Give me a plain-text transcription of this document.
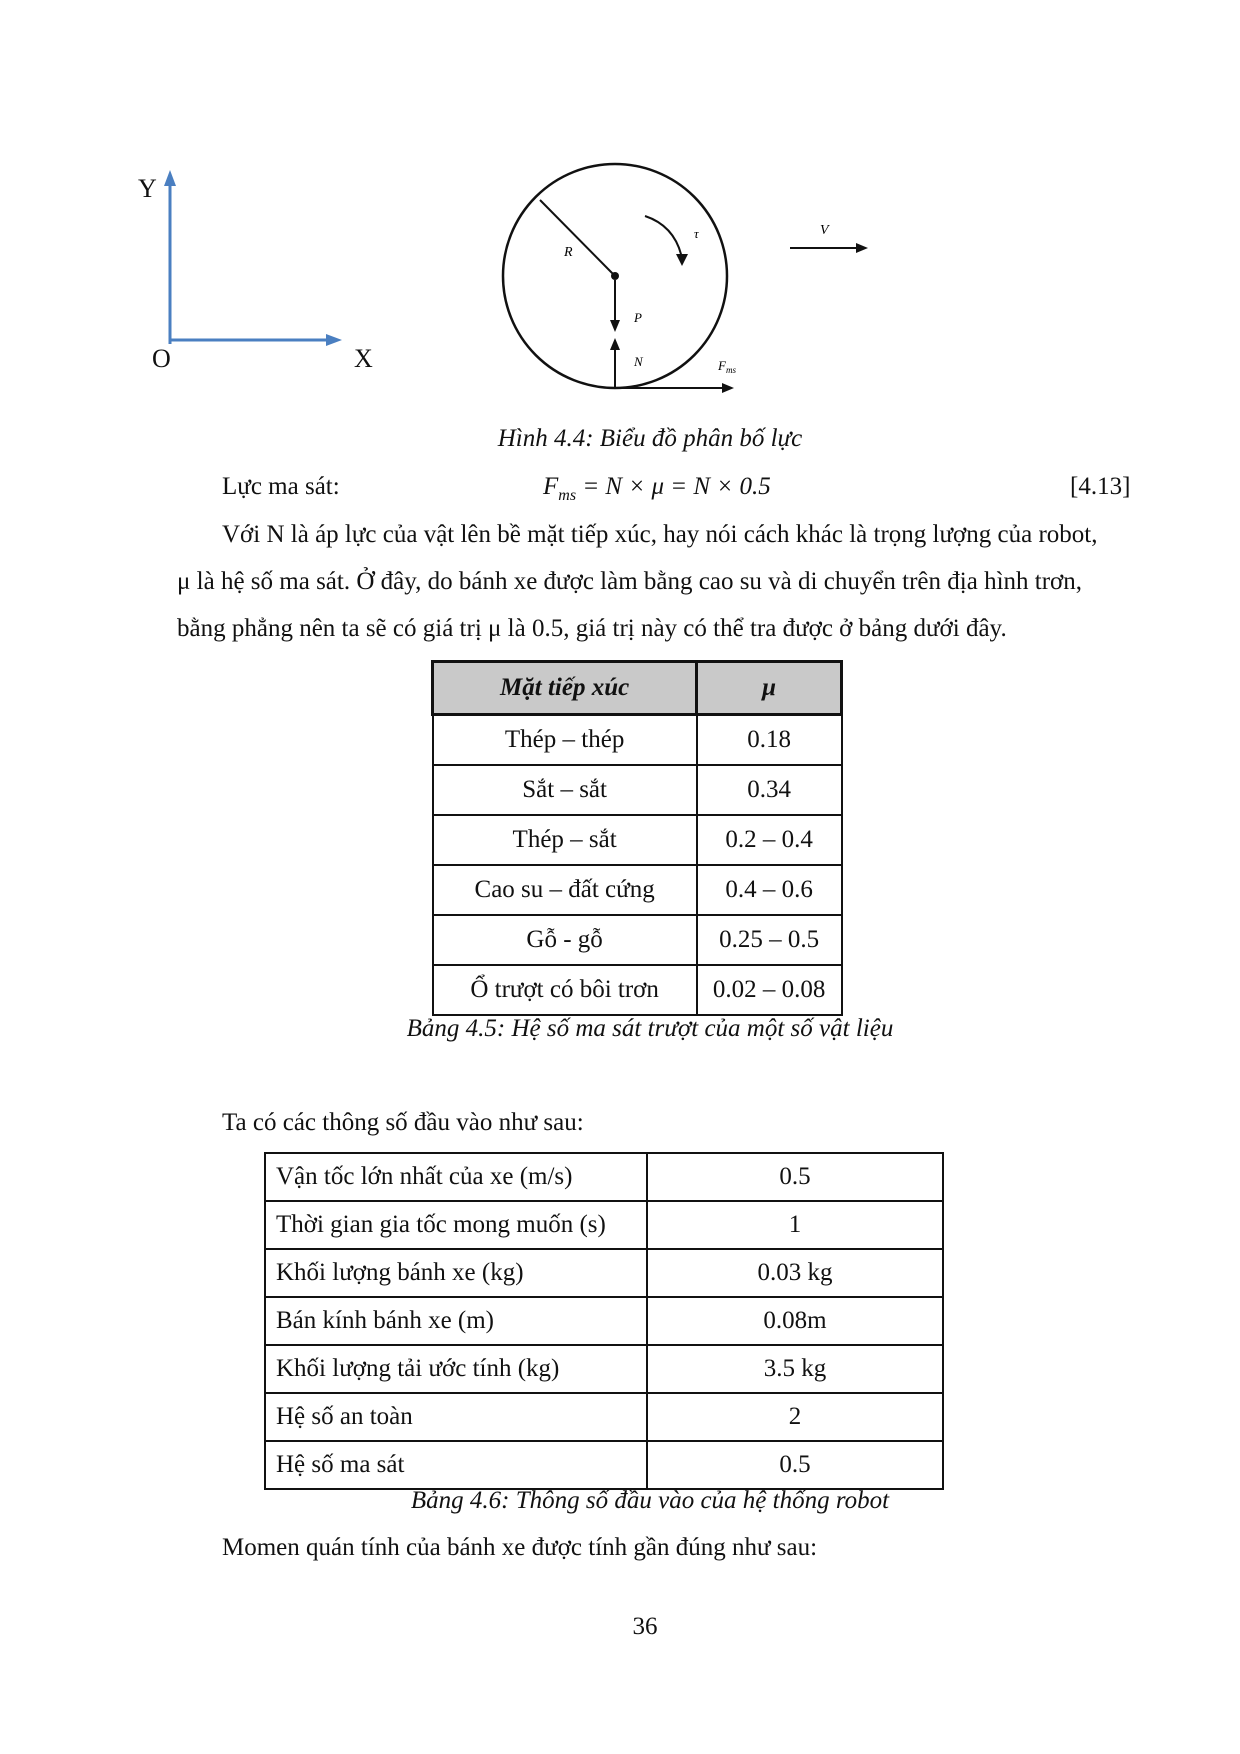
Y
O	X
R
τ
P
N	$F_{ms}$
V
Hình 4.4: Biểu đồ phân bố lực
Lực ma sát:	$F_{ms} = N \times \mu = N \times 0.5$	[4.13]
Với N là áp lực của vật lên bề mặt tiếp xúc, hay nói cách khác là trọng lượng của robot,
μ là hệ số ma sát. Ở đây, do bánh xe được làm bằng cao su và di chuyển trên địa hình trơn,
bằng phẳng nên ta sẽ có giá trị μ là 0.5, giá trị này có thể tra được ở bảng dưới đây.
Mặt tiếp xúc	μ
Thép – thép	0.18
Sắt – sắt	0.34
Thép – sắt	0.2 – 0.4
Cao su – đất cứng	0.4 – 0.6
Gỗ - gỗ	0.25 – 0.5
Ổ trượt có bôi trơn	0.02 – 0.08
Bảng 4.5: Hệ số ma sát trượt của một số vật liệu
Ta có các thông số đầu vào như sau:
Vận tốc lớn nhất của xe (m/s)	0.5
Thời gian gia tốc mong muốn (s)	1
Khối lượng bánh xe (kg)	0.03 kg
Bán kính bánh xe (m)	0.08m
Khối lượng tải ước tính (kg)	3.5 kg
Hệ số an toàn	2
Hệ số ma sát	0.5
Bảng 4.6: Thông số đầu vào của hệ thống robot
Momen quán tính của bánh xe được tính gần đúng như sau:
36
